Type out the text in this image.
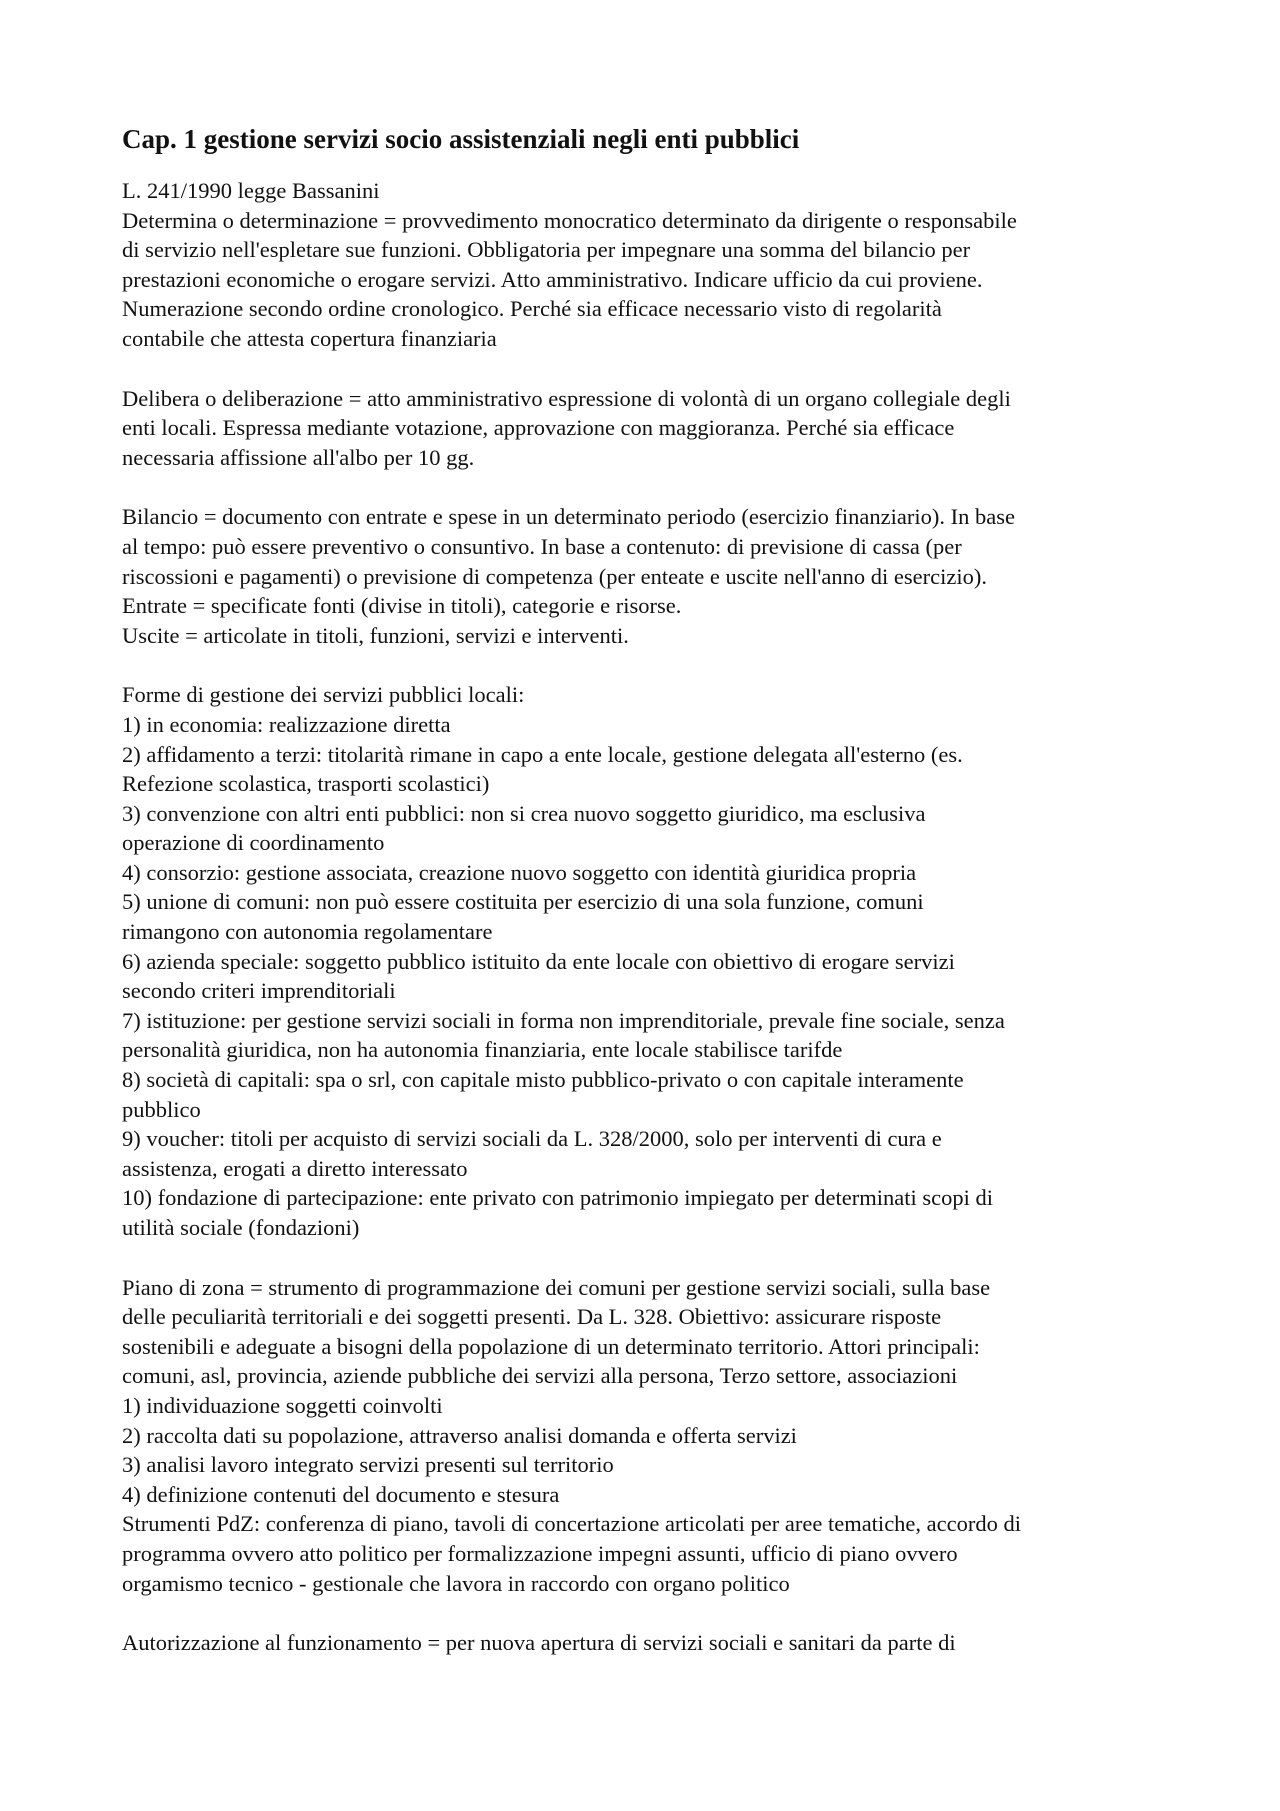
Cap. 1 gestione servizi socio assistenziali negli enti pubblici

L. 241/1990 legge Bassanini

Determina o determinazione = provvedimento monocratico determinato da dirigente o responsabile

di servizio nell'espletare sue funzioni. Obbligatoria per impegnare una somma del bilancio per

prestazioni economiche o erogare servizi. Atto amministrativo. Indicare ufficio da cui proviene.

Numerazione secondo ordine cronologico. Perché sia efficace necessario visto di regolarità

contabile che attesta copertura finanziaria

Delibera o deliberazione = atto amministrativo espressione di volontà di un organo collegiale degli

enti locali. Espressa mediante votazione, approvazione con maggioranza. Perché sia efficace

necessaria affissione all'albo per 10 gg.

Bilancio = documento con entrate e spese in un determinato periodo (esercizio finanziario). In base

al tempo: può essere preventivo o consuntivo. In base a contenuto: di previsione di cassa (per

riscossioni e pagamenti) o previsione di competenza (per enteate e uscite nell'anno di esercizio).

Entrate = specificate fonti (divise in titoli), categorie e risorse.

Uscite = articolate in titoli, funzioni, servizi e interventi.

Forme di gestione dei servizi pubblici locali:

1) in economia: realizzazione diretta

2) affidamento a terzi: titolarità rimane in capo a ente locale, gestione delegata all'esterno (es.

Refezione scolastica, trasporti scolastici)

3) convenzione con altri enti pubblici: non si crea nuovo soggetto giuridico, ma esclusiva

operazione di coordinamento

4) consorzio: gestione associata, creazione nuovo soggetto con identità giuridica propria

5) unione di comuni: non può essere costituita per esercizio di una sola funzione, comuni

rimangono con autonomia regolamentare

6) azienda speciale: soggetto pubblico istituito da ente locale con obiettivo di erogare servizi

secondo criteri imprenditoriali

7) istituzione: per gestione servizi sociali in forma non imprenditoriale, prevale fine sociale, senza

personalità giuridica, non ha autonomia finanziaria, ente locale stabilisce tarifde

8) società di capitali: spa o srl, con capitale misto pubblico-privato o con capitale interamente

pubblico

9) voucher: titoli per acquisto di servizi sociali da L. 328/2000, solo per interventi di cura e

assistenza, erogati a diretto interessato

10) fondazione di partecipazione: ente privato con patrimonio impiegato per determinati scopi di

utilità sociale (fondazioni)

Piano di zona = strumento di programmazione dei comuni per gestione servizi sociali, sulla base

delle peculiarità territoriali e dei soggetti presenti. Da L. 328. Obiettivo: assicurare risposte

sostenibili e adeguate a bisogni della popolazione di un determinato territorio. Attori principali:

comuni, asl, provincia, aziende pubbliche dei servizi alla persona, Terzo settore, associazioni

1) individuazione soggetti coinvolti

2) raccolta dati su popolazione, attraverso analisi domanda e offerta servizi

3) analisi lavoro integrato servizi presenti sul territorio

4) definizione contenuti del documento e stesura

Strumenti PdZ: conferenza di piano, tavoli di concertazione articolati per aree tematiche, accordo di

programma ovvero atto politico per formalizzazione impegni assunti, ufficio di piano ovvero

orgamismo tecnico - gestionale che lavora in raccordo con organo politico

Autorizzazione al funzionamento = per nuova apertura di servizi sociali e sanitari da parte di
